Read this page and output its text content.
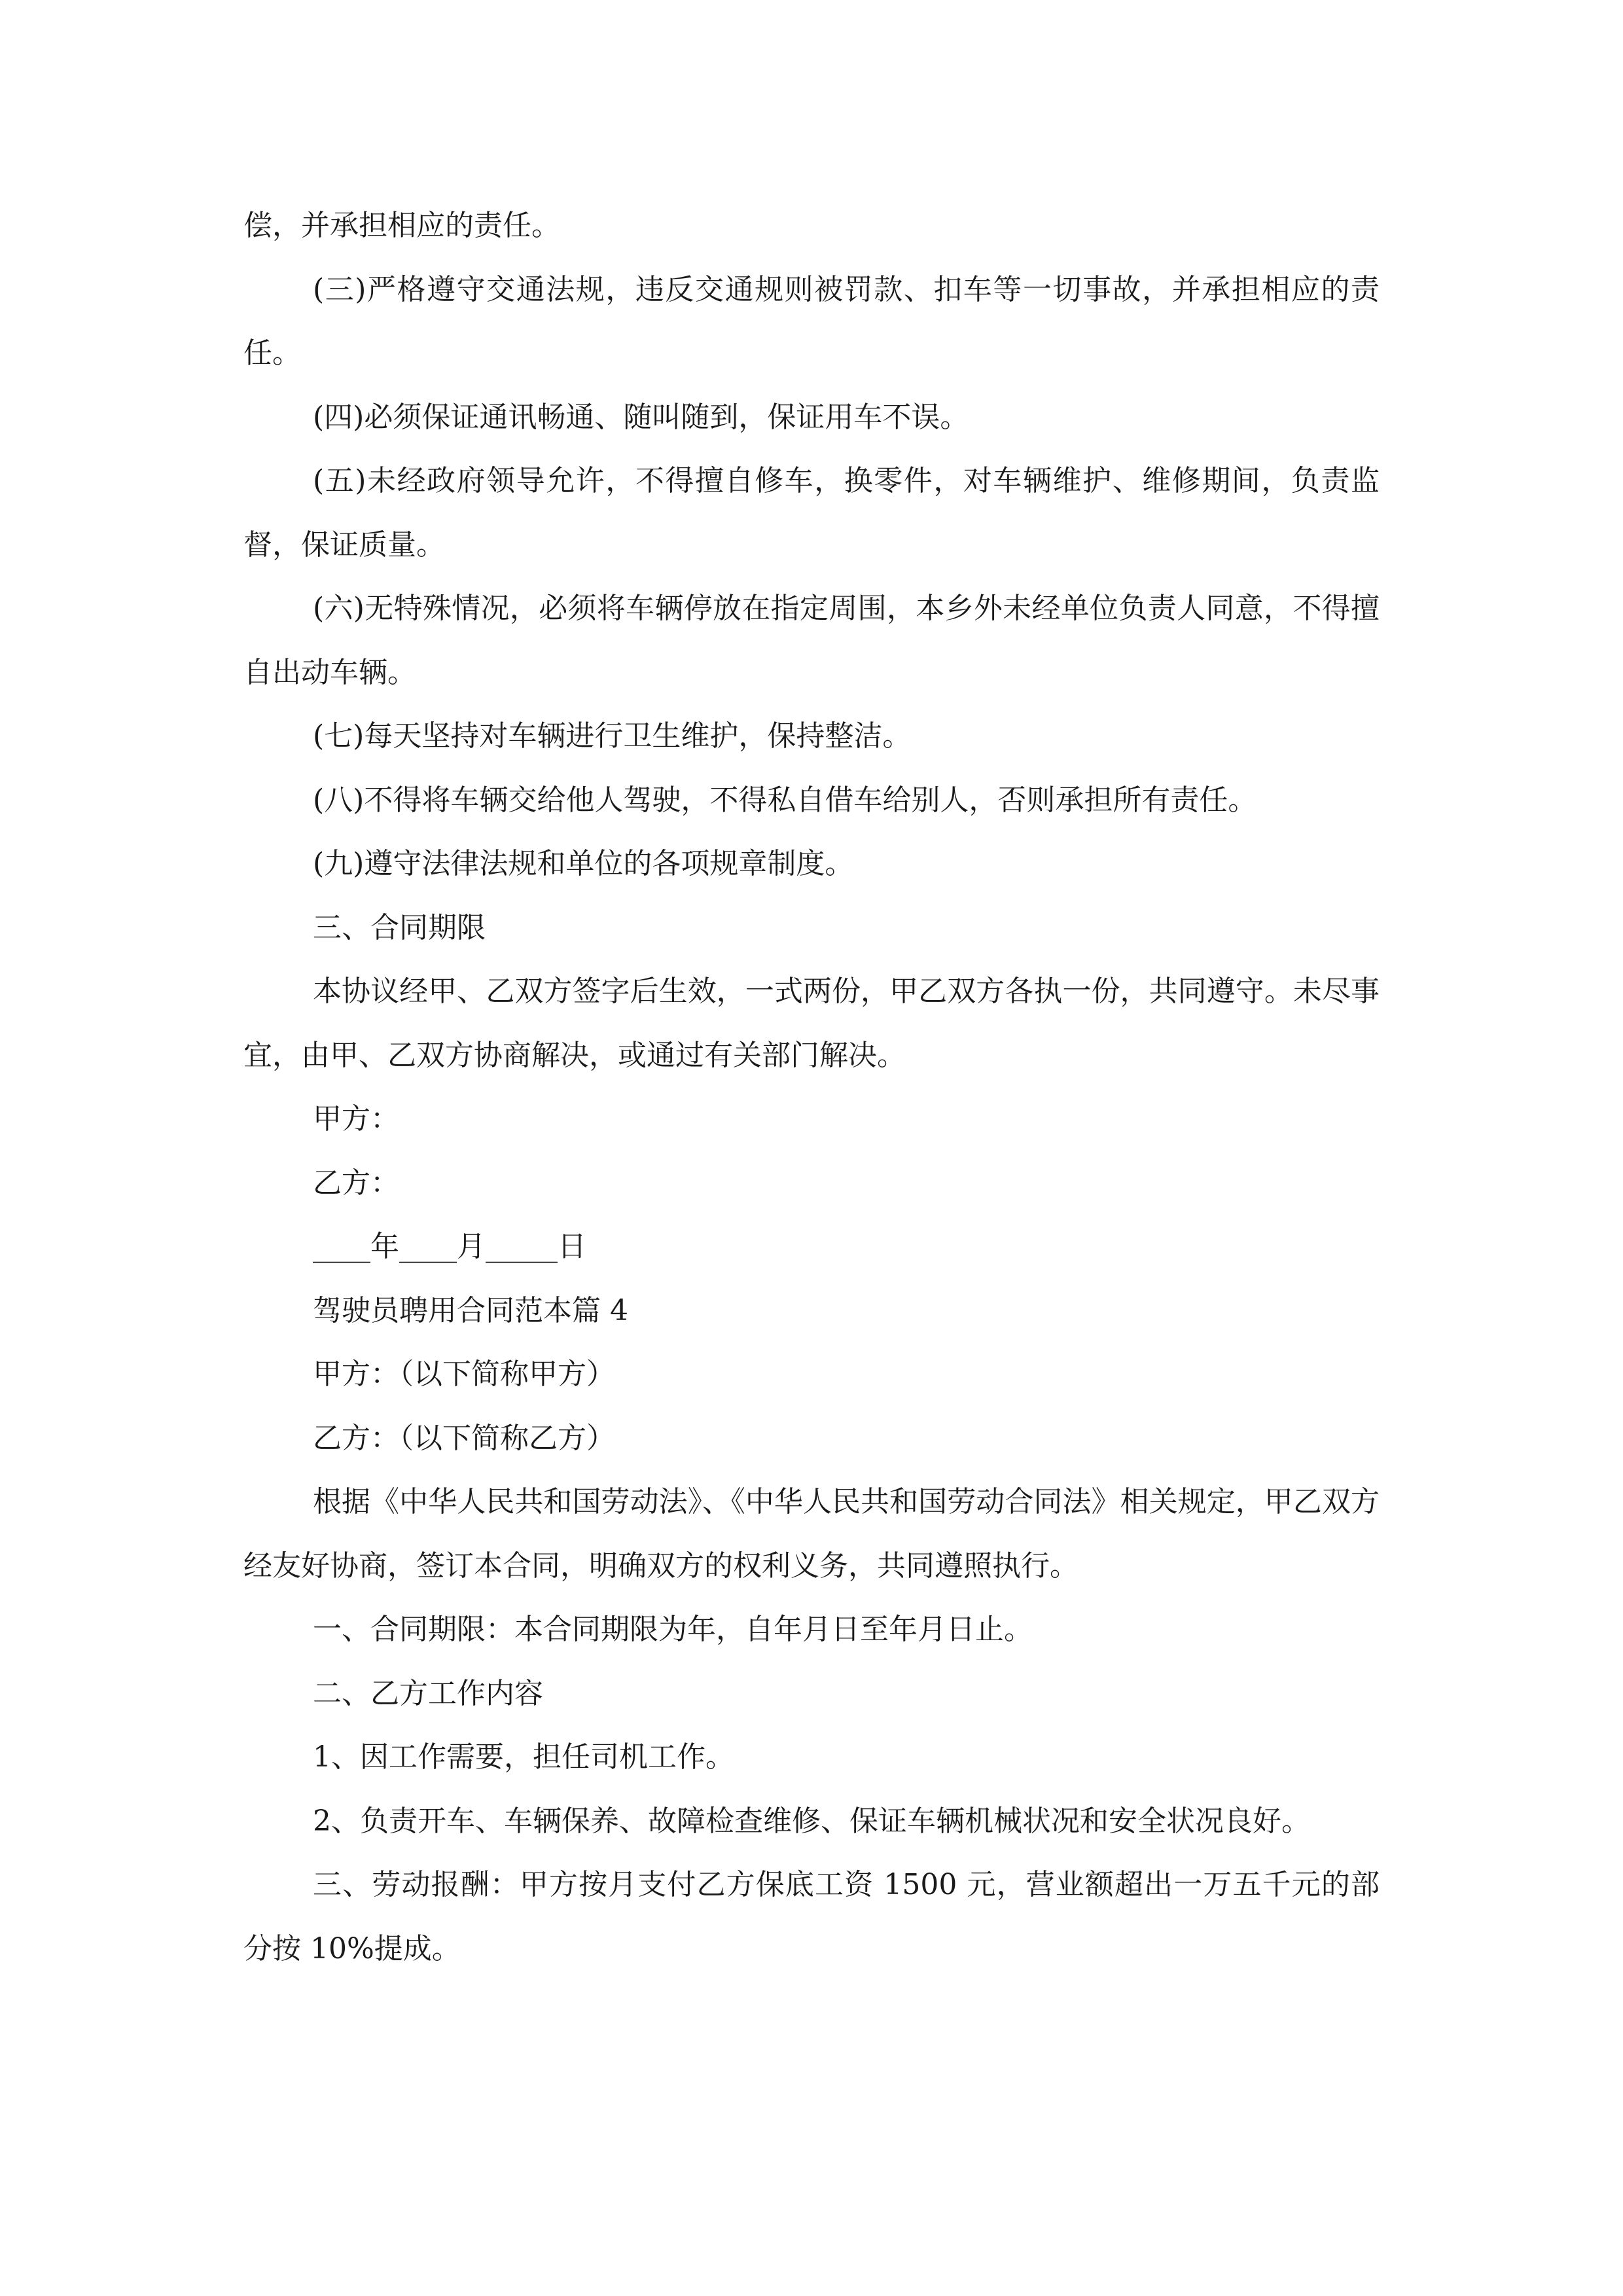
偿，并承担相应的责任。

(三)严格遵守交通法规，违反交通规则被罚款、扣车等一切事故，并承担相应的责任。

(四)必须保证通讯畅通、随叫随到，保证用车不误。

(五)未经政府领导允许，不得擅自修车，换零件，对车辆维护、维修期间，负责监督，保证质量。

(六)无特殊情况，必须将车辆停放在指定周围，本乡外未经单位负责人同意，不得擅自出动车辆。

(七)每天坚持对车辆进行卫生维护，保持整洁。

(八)不得将车辆交给他人驾驶，不得私自借车给别人，否则承担所有责任。

(九)遵守法律法规和单位的各项规章制度。

三、合同期限

本协议经甲、乙双方签字后生效，一式两份，甲乙双方各执一份，共同遵守。未尽事宜，由甲、乙双方协商解决，或通过有关部门解决。

甲方：

乙方：

____年____月_____日

驾驶员聘用合同范本篇 4

甲方：（以下简称甲方）

乙方：（以下简称乙方）

根据《中华人民共和国劳动法》、《中华人民共和国劳动合同法》相关规定，甲乙双方经友好协商，签订本合同，明确双方的权利义务，共同遵照执行。

一、合同期限：本合同期限为年，自年月日至年月日止。

二、乙方工作内容

1、因工作需要，担任司机工作。

2、负责开车、车辆保养、故障检查维修、保证车辆机械状况和安全状况良好。

三、劳动报酬：甲方按月支付乙方保底工资 1500 元，营业额超出一万五千元的部分按 10%提成。
